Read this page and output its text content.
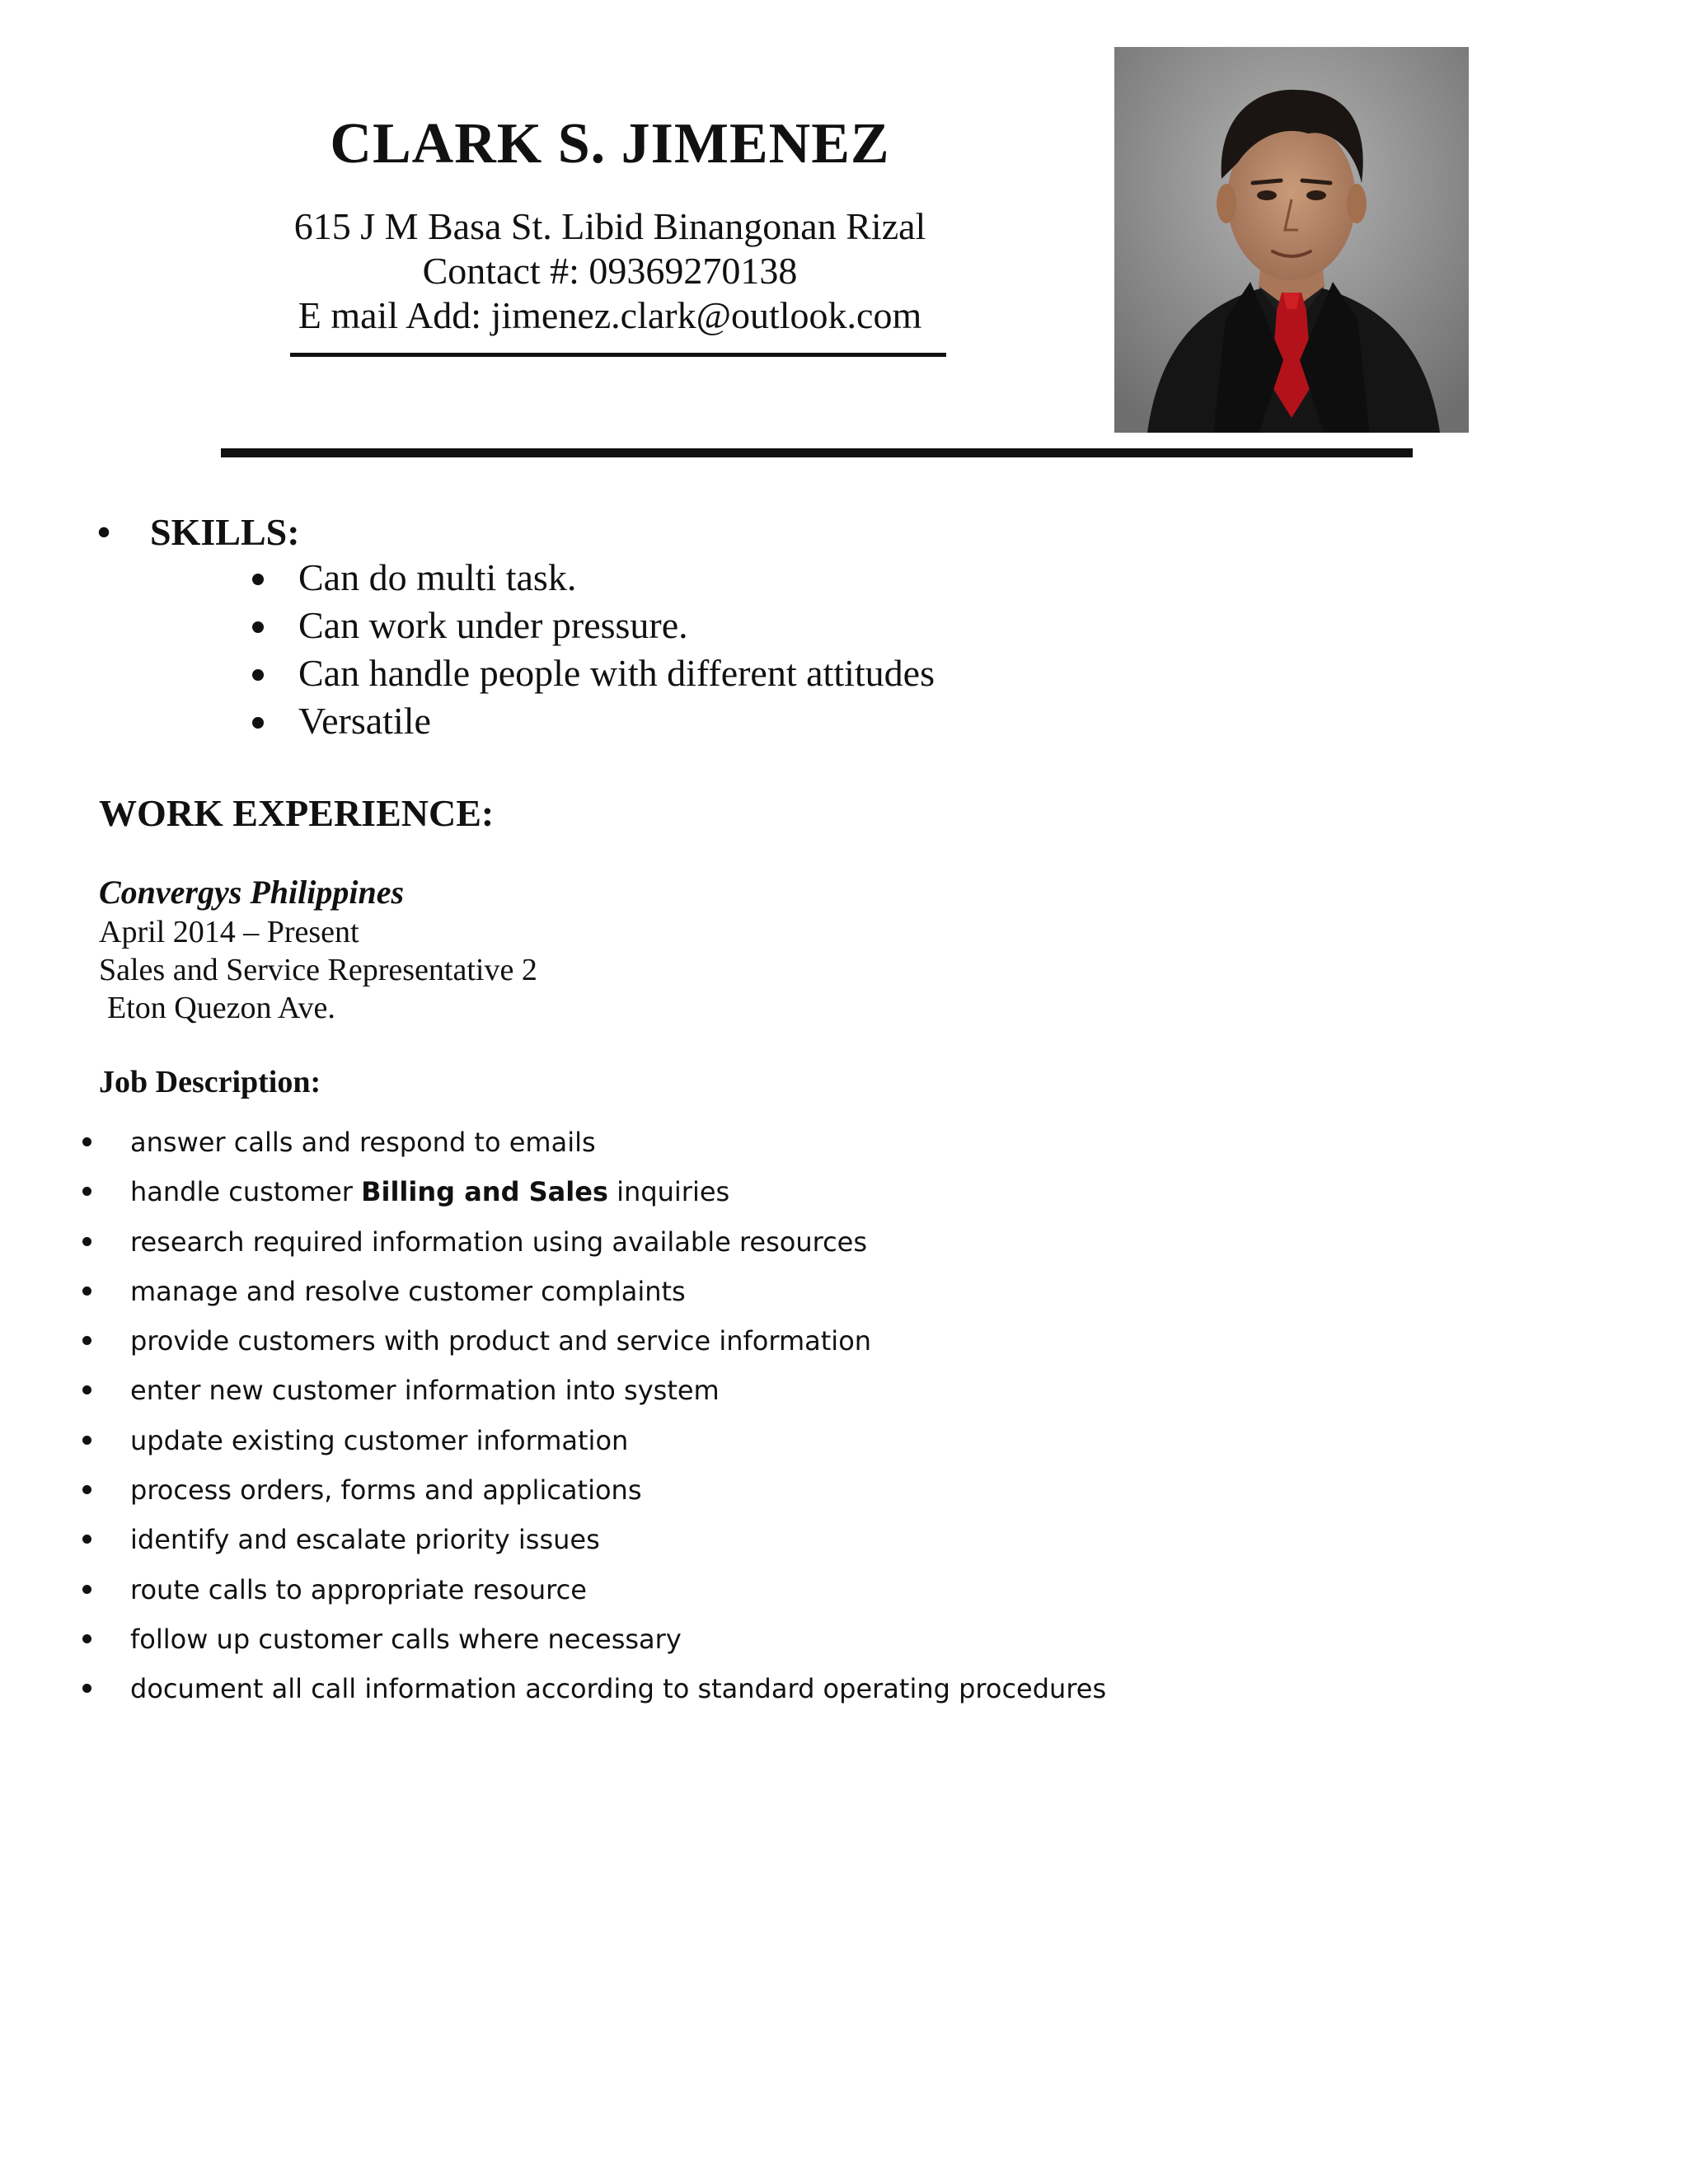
CLARK S. JIMENEZ

615 J M Basa St. Libid Binangonan Rizal

Contact #: 09369270138

E mail Add: jimenez.clark@outlook.com

• SKILLS:
Can do multi task.
Can work under pressure.
Can handle people with different attitudes
Versatile
WORK EXPERIENCE:
Convergys Philippines
April 2014 – Present
Sales and Service Representative 2
Eton Quezon Ave.
Job Description:
answer calls and respond to emails
handle customer Billing and Sales inquiries
research required information using available resources
manage and resolve customer complaints
provide customers with product and service information
enter new customer information into system
update existing customer information
process orders, forms and applications
identify and escalate priority issues
route calls to appropriate resource
follow up customer calls where necessary
document all call information according to standard operating procedures
